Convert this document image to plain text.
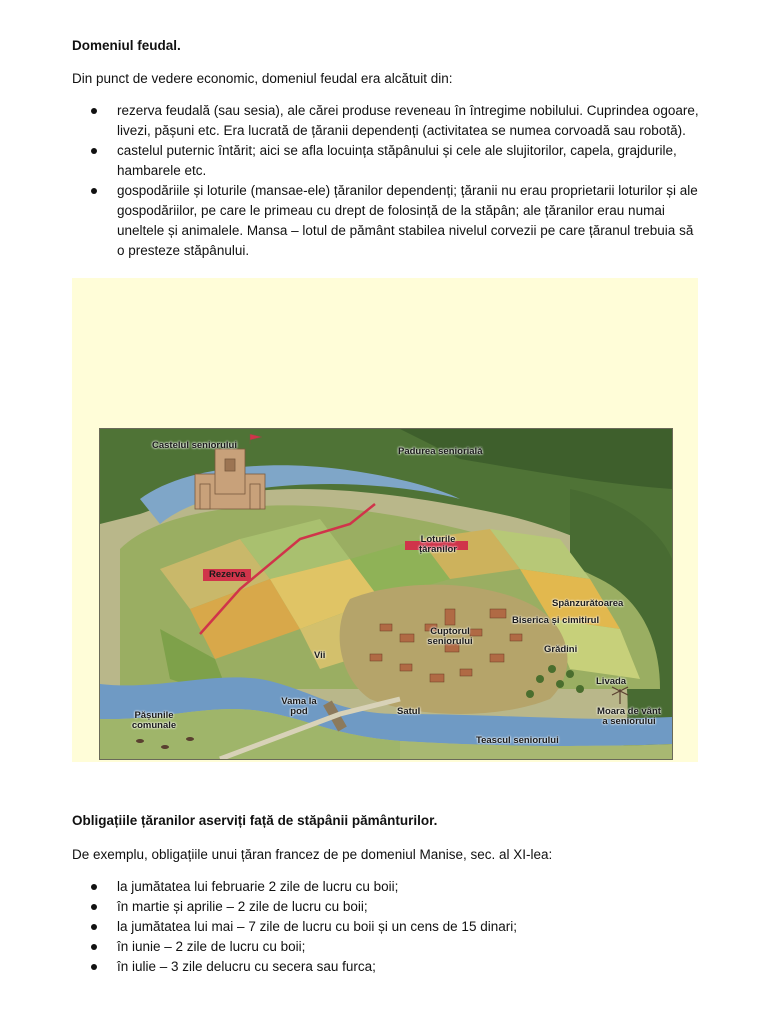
Domeniul feudal.
Din punct de vedere economic, domeniul feudal era alcătuit din:
rezerva feudală (sau sesia), ale cărei produse reveneau în întregime nobilului. Cuprindea ogoare, livezi, pășuni etc. Era lucrată de țăranii dependenți (activitatea se numea corvoadă sau robotă).
castelul puternic întărit; aici se afla locuința stăpânului și cele ale slujitorilor, capela, grajdurile, hambarele etc.
gospodăriile și loturile (mansae-ele) țăranilor dependenți; țăranii nu erau proprietarii loturilor și ale gospodăriilor, pe care le primeau cu drept de folosință de la stăpân; ale țăranilor erau numai uneltele și animalele. Mansa – lotul de pământ stabilea nivelul corvezii pe care țăranul trebuia să o presteze stăpânului.
Castelul seniorului
Padurea seniorială
Loturile țăranilor
Rezerva
Spânzurătoarea
Biserica și cimitirul
Cuptorul seniorului
Grădini
Vii
Livada
Vama la pod
Pășunile comunale
Satul	Moara de vânt a seniorului
Teascul seniorului
Obligațiile țăranilor aserviți față de stăpânii pământurilor.
De exemplu, obligațiile unui țăran francez de pe domeniul Manise, sec. al XI-lea:
la jumătatea lui februarie 2 zile de lucru cu boii;
în martie și aprilie – 2 zile de lucru cu boii;
la jumătatea lui mai – 7 zile de lucru cu boii și un cens de 15 dinari;
în iunie – 2 zile de lucru cu boii;
în iulie – 3 zile delucru cu secera sau furca;
